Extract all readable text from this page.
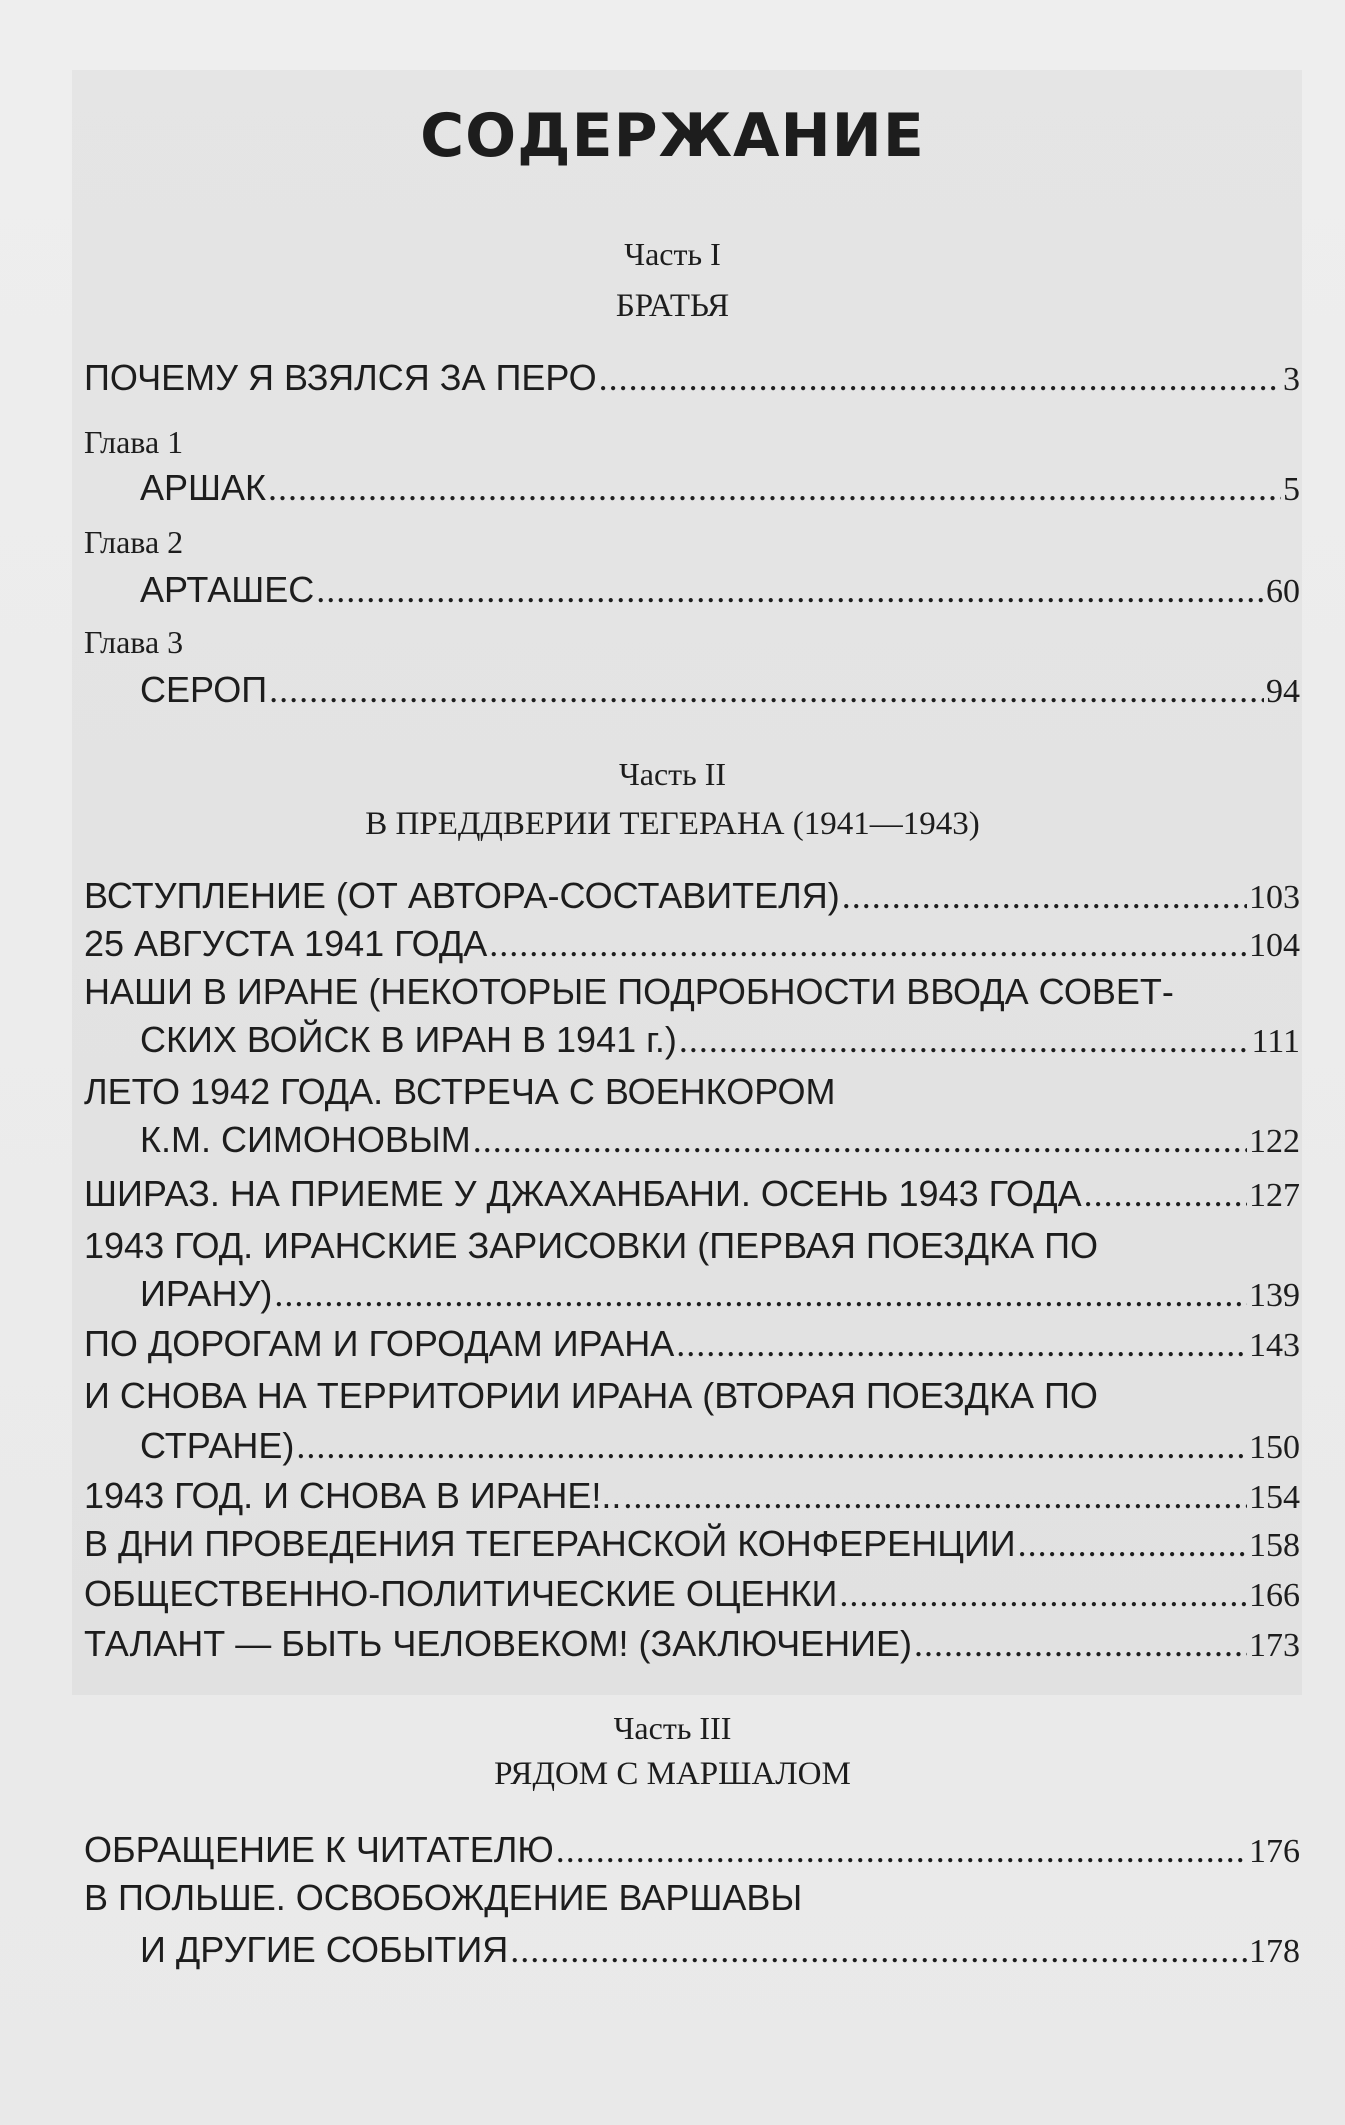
СОДЕРЖАНИЕ
Часть I
БРАТЬЯ
ПОЧЕМУ Я ВЗЯЛСЯ ЗА ПЕРО . . .	3
Глава 1
АРШАК . . .	5
Глава 2
АРТАШЕС . . .	60
Глава 3
СЕРОП . . .	94
Часть II
В ПРЕДДВЕРИИ ТЕГЕРАНА (1941—1943)
ВСТУПЛЕНИЕ (ОТ АВТОРА-СОСТАВИТЕЛЯ) . . .	103
25 АВГУСТА 1941 ГОДА . . .	104
НАШИ В ИРАНЕ (НЕКОТОРЫЕ ПОДРОБНОСТИ ВВОДА СОВЕТ-
СКИХ ВОЙСК В ИРАН В 1941 г.) . . .	111
ЛЕТО 1942 ГОДА. ВСТРЕЧА С ВОЕНКОРОМ
К.М. СИМОНОВЫМ . . .	122
ШИРАЗ. НА ПРИЕМЕ У ДЖАХАНБАНИ. ОСЕНЬ 1943 ГОДА . . .	127
1943 ГОД. ИРАНСКИЕ ЗАРИСОВКИ (ПЕРВАЯ ПОЕЗДКА ПО
ИРАНУ) . . .	139
ПО ДОРОГАМ И ГОРОДАМ ИРАНА . . .	143
И СНОВА НА ТЕРРИТОРИИ ИРАНА (ВТОРАЯ ПОЕЗДКА ПО
СТРАНЕ) . . .	150
1943 ГОД. И СНОВА В ИРАНЕ!.. . . .	154
В ДНИ ПРОВЕДЕНИЯ ТЕГЕРАНСКОЙ КОНФЕРЕНЦИИ . . .	158
ОБЩЕСТВЕННО-ПОЛИТИЧЕСКИЕ ОЦЕНКИ . . .	166
ТАЛАНТ — БЫТЬ ЧЕЛОВЕКОМ! (ЗАКЛЮЧЕНИЕ) . . .	173
Часть III
РЯДОМ С МАРШАЛОМ
ОБРАЩЕНИЕ К ЧИТАТЕЛЮ . . .	176
В ПОЛЬШЕ. ОСВОБОЖДЕНИЕ ВАРШАВЫ
И ДРУГИЕ СОБЫТИЯ . . .	178
